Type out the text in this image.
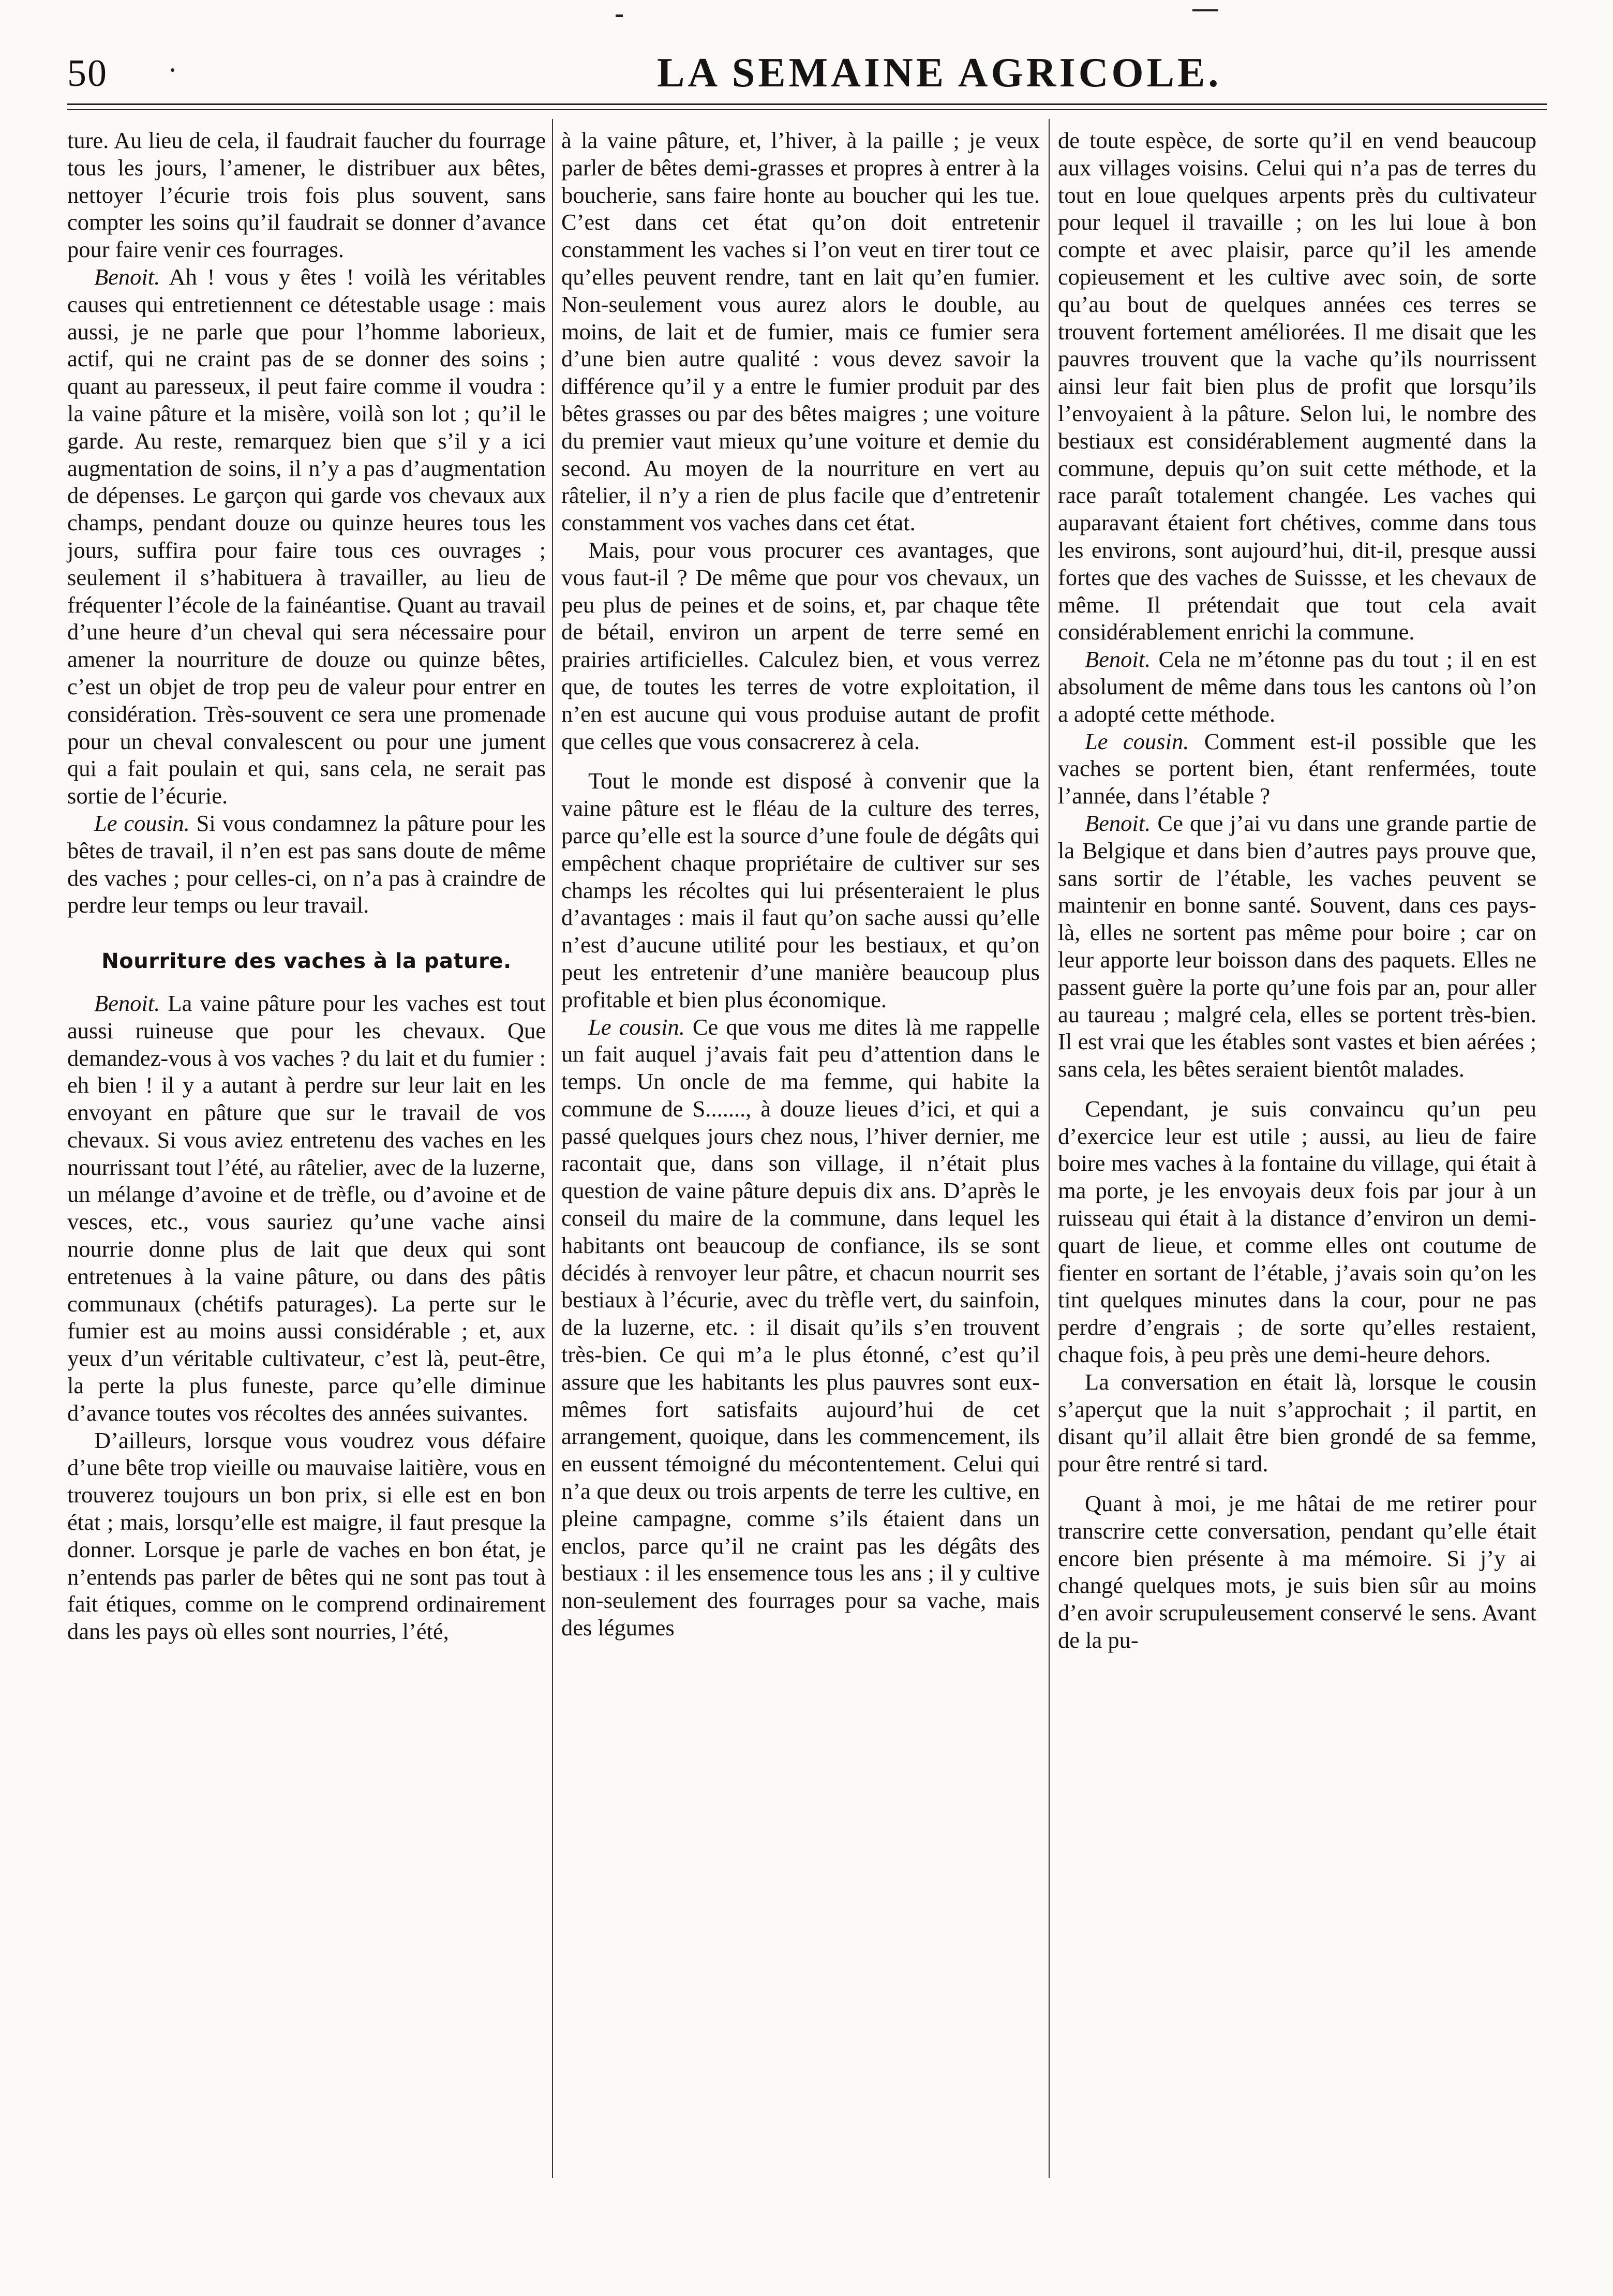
50	LA SEMAINE AGRICOLE.

ture. Au lieu de cela, il faudrait faucher du fourrage tous les jours, l’amener, le distribuer aux bêtes, nettoyer l’écurie trois fois plus souvent, sans compter les soins qu’il faudrait se donner d’avance pour faire venir ces fourrages.

Benoit. Ah ! vous y êtes ! voilà les véritables causes qui entretiennent ce détestable usage : mais aussi, je ne parle que pour l’homme laborieux, actif, qui ne craint pas de se donner des soins ; quant au paresseux, il peut faire comme il voudra : la vaine pâture et la misère, voilà son lot ; qu’il le garde. Au reste, remarquez bien que s’il y a ici augmentation de soins, il n’y a pas d’augmentation de dépenses. Le garçon qui garde vos chevaux aux champs, pendant douze ou quinze heures tous les jours, suffira pour faire tous ces ouvrages ; seulement il s’habituera à travailler, au lieu de fréquenter l’école de la fainéantise. Quant au travail d’une heure d’un cheval qui sera nécessaire pour amener la nourriture de douze ou quinze bêtes, c’est un objet de trop peu de valeur pour entrer en considération. Très-souvent ce sera une promenade pour un cheval convalescent ou pour une jument qui a fait poulain et qui, sans cela, ne serait pas sortie de l’écurie.

Le cousin. Si vous condamnez la pâture pour les bêtes de travail, il n’en est pas sans doute de même des vaches ; pour celles-ci, on n’a pas à craindre de perdre leur temps ou leur travail.

Nourriture des vaches à la pature.

Benoit. La vaine pâture pour les vaches est tout aussi ruineuse que pour les chevaux. Que demandez-vous à vos vaches ? du lait et du fumier : eh bien ! il y a autant à perdre sur leur lait en les envoyant en pâture que sur le travail de vos chevaux. Si vous aviez entretenu des vaches en les nourrissant tout l’été, au râtelier, avec de la luzerne, un mélange d’avoine et de trèfle, ou d’avoine et de vesces, etc., vous sauriez qu’une vache ainsi nourrie donne plus de lait que deux qui sont entretenues à la vaine pâture, ou dans des pâtis communaux (chétifs paturages). La perte sur le fumier est au moins aussi considérable ; et, aux yeux d’un véritable cultivateur, c’est là, peut-être, la perte la plus funeste, parce qu’elle diminue d’avance toutes vos récoltes des années suivantes.

D’ailleurs, lorsque vous voudrez vous défaire d’une bête trop vieille ou mauvaise laitière, vous en trouverez toujours un bon prix, si elle est en bon état ; mais, lorsqu’elle est maigre, il faut presque la donner. Lorsque je parle de vaches en bon état, je n’entends pas parler de bêtes qui ne sont pas tout à fait étiques, comme on le comprend ordinairement dans les pays où elles sont nourries, l’été,

à la vaine pâture, et, l’hiver, à la paille ; je veux parler de bêtes demi-grasses et propres à entrer à la boucherie, sans faire honte au boucher qui les tue. C’est dans cet état qu’on doit entretenir constamment les vaches si l’on veut en tirer tout ce qu’elles peuvent rendre, tant en lait qu’en fumier. Non-seulement vous aurez alors le double, au moins, de lait et de fumier, mais ce fumier sera d’une bien autre qualité : vous devez savoir la différence qu’il y a entre le fumier produit par des bêtes grasses ou par des bêtes maigres ; une voiture du premier vaut mieux qu’une voiture et demie du second. Au moyen de la nourriture en vert au râtelier, il n’y a rien de plus facile que d’entretenir constamment vos vaches dans cet état.

Mais, pour vous procurer ces avantages, que vous faut-il ? De même que pour vos chevaux, un peu plus de peines et de soins, et, par chaque tête de bétail, environ un arpent de terre semé en prairies artificielles. Calculez bien, et vous verrez que, de toutes les terres de votre exploitation, il n’en est aucune qui vous produise autant de profit que celles que vous consacrerez à cela.

Tout le monde est disposé à convenir que la vaine pâture est le fléau de la culture des terres, parce qu’elle est la source d’une foule de dégâts qui empêchent chaque propriétaire de cultiver sur ses champs les récoltes qui lui présenteraient le plus d’avantages : mais il faut qu’on sache aussi qu’elle n’est d’aucune utilité pour les bestiaux, et qu’on peut les entretenir d’une manière beaucoup plus profitable et bien plus économique.

Le cousin. Ce que vous me dites là me rappelle un fait auquel j’avais fait peu d’attention dans le temps. Un oncle de ma femme, qui habite la commune de S......., à douze lieues d’ici, et qui a passé quelques jours chez nous, l’hiver dernier, me racontait que, dans son village, il n’était plus question de vaine pâture depuis dix ans. D’après le conseil du maire de la commune, dans lequel les habitants ont beaucoup de confiance, ils se sont décidés à renvoyer leur pâtre, et chacun nourrit ses bestiaux à l’écurie, avec du trèfle vert, du sainfoin, de la luzerne, etc. : il disait qu’ils s’en trouvent très-bien. Ce qui m’a le plus étonné, c’est qu’il assure que les habitants les plus pauvres sont eux-mêmes fort satisfaits aujourd’hui de cet arrangement, quoique, dans les commencement, ils en eussent témoigné du mécontentement. Celui qui n’a que deux ou trois arpents de terre les cultive, en pleine campagne, comme s’ils étaient dans un enclos, parce qu’il ne craint pas les dégâts des bestiaux : il les ensemence tous les ans ; il y cultive non-seulement des fourrages pour sa vache, mais des légumes

de toute espèce, de sorte qu’il en vend beaucoup aux villages voisins. Celui qui n’a pas de terres du tout en loue quelques arpents près du cultivateur pour lequel il travaille ; on les lui loue à bon compte et avec plaisir, parce qu’il les amende copieusement et les cultive avec soin, de sorte qu’au bout de quelques années ces terres se trouvent fortement améliorées. Il me disait que les pauvres trouvent que la vache qu’ils nourrissent ainsi leur fait bien plus de profit que lorsqu’ils l’envoyaient à la pâture. Selon lui, le nombre des bestiaux est considérablement augmenté dans la commune, depuis qu’on suit cette méthode, et la race paraît totalement changée. Les vaches qui auparavant étaient fort chétives, comme dans tous les environs, sont aujourd’hui, dit-il, presque aussi fortes que des vaches de Suissse, et les chevaux de même. Il prétendait que tout cela avait considérablement enrichi la commune.

Benoit. Cela ne m’étonne pas du tout ; il en est absolument de même dans tous les cantons où l’on a adopté cette méthode.

Le cousin. Comment est-il possible que les vaches se portent bien, étant renfermées, toute l’année, dans l’étable ?

Benoit. Ce que j’ai vu dans une grande partie de la Belgique et dans bien d’autres pays prouve que, sans sortir de l’étable, les vaches peuvent se maintenir en bonne santé. Souvent, dans ces pays-là, elles ne sortent pas même pour boire ; car on leur apporte leur boisson dans des paquets. Elles ne passent guère la porte qu’une fois par an, pour aller au taureau ; malgré cela, elles se portent très-bien. Il est vrai que les étables sont vastes et bien aérées ; sans cela, les bêtes seraient bientôt malades.

Cependant, je suis convaincu qu’un peu d’exercice leur est utile ; aussi, au lieu de faire boire mes vaches à la fontaine du village, qui était à ma porte, je les envoyais deux fois par jour à un ruisseau qui était à la distance d’environ un demi-quart de lieue, et comme elles ont coutume de fienter en sortant de l’étable, j’avais soin qu’on les tint quelques minutes dans la cour, pour ne pas perdre d’engrais ; de sorte qu’elles restaient, chaque fois, à peu près une demi-heure dehors.

La conversation en était là, lorsque le cousin s’aperçut que la nuit s’approchait ; il partit, en disant qu’il allait être bien grondé de sa femme, pour être rentré si tard.

Quant à moi, je me hâtai de me retirer pour transcrire cette conversation, pendant qu’elle était encore bien présente à ma mémoire. Si j’y ai changé quelques mots, je suis bien sûr au moins d’en avoir scrupuleusement conservé le sens. Avant de la pu-
